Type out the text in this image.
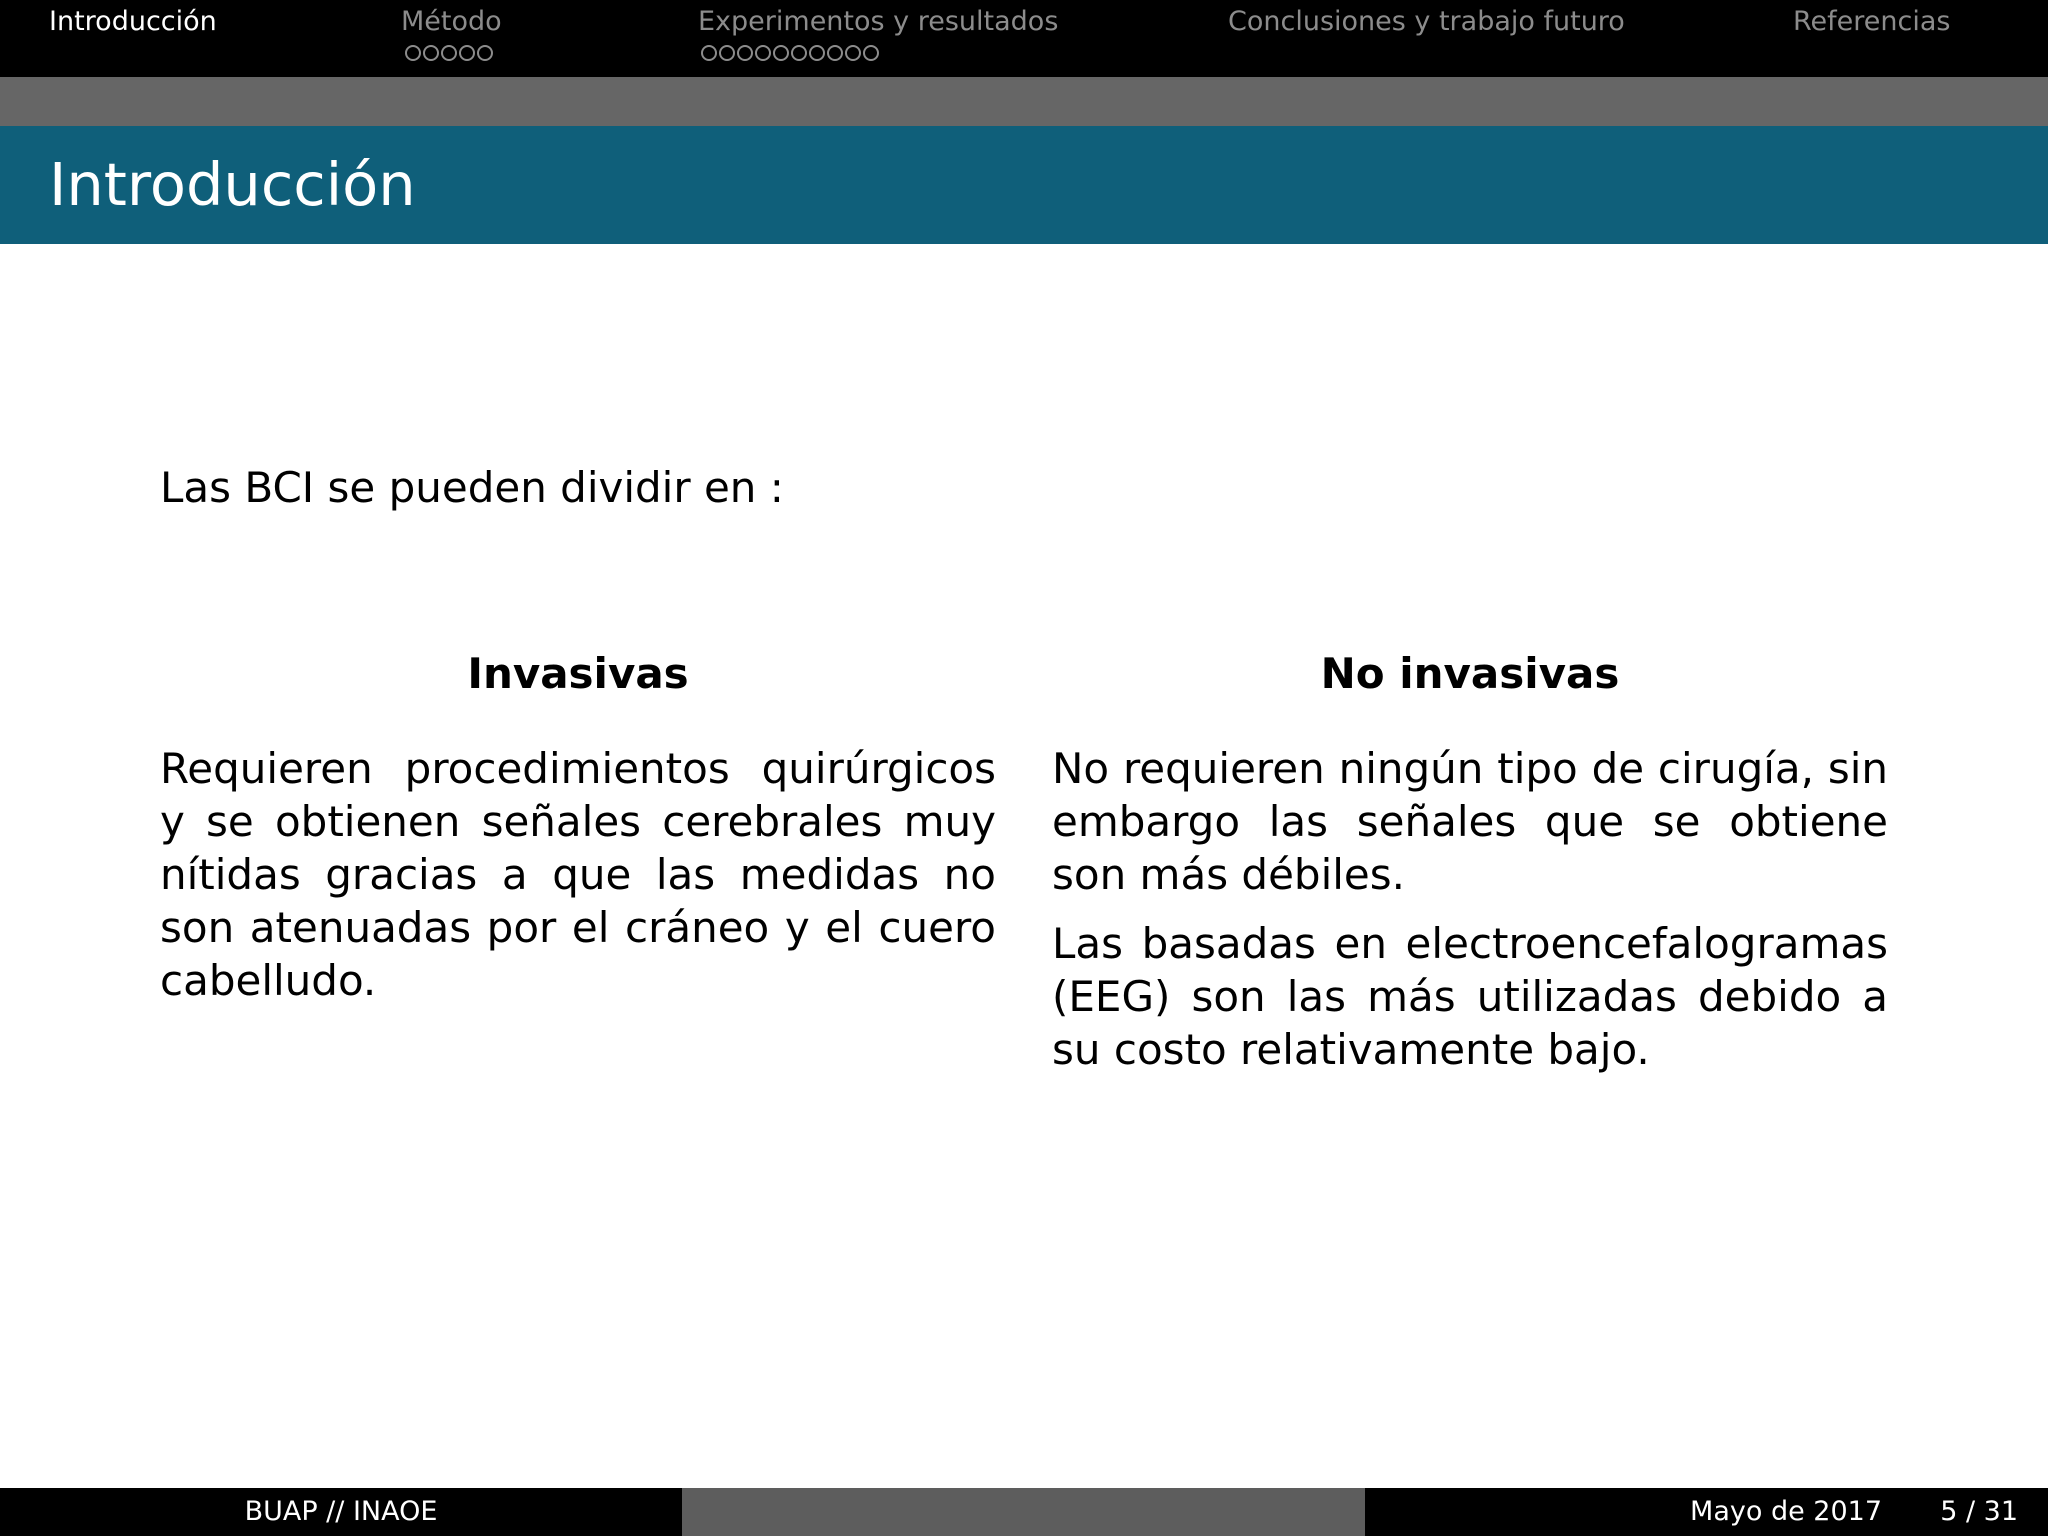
Introducción	Método	Experimentos y resultados	Conclusiones y trabajo futuro	Referencias
Introducción
Las BCI se pueden dividir en :
Invasivas

Requieren procedimientos quirúrgicos y se obtienen señales cerebrales muy nítidas gracias a que las medidas no son atenuadas por el cráneo y el cuero cabelludo.

No invasivas

No requieren ningún tipo de cirugía, sin embargo las señales que se obtiene son más débiles.

Las basadas en electroencefalogramas (EEG) son las más utilizadas debido a su costo relativamente bajo.

BUAP // INAOE	Mayo de 2017 5 / 31
